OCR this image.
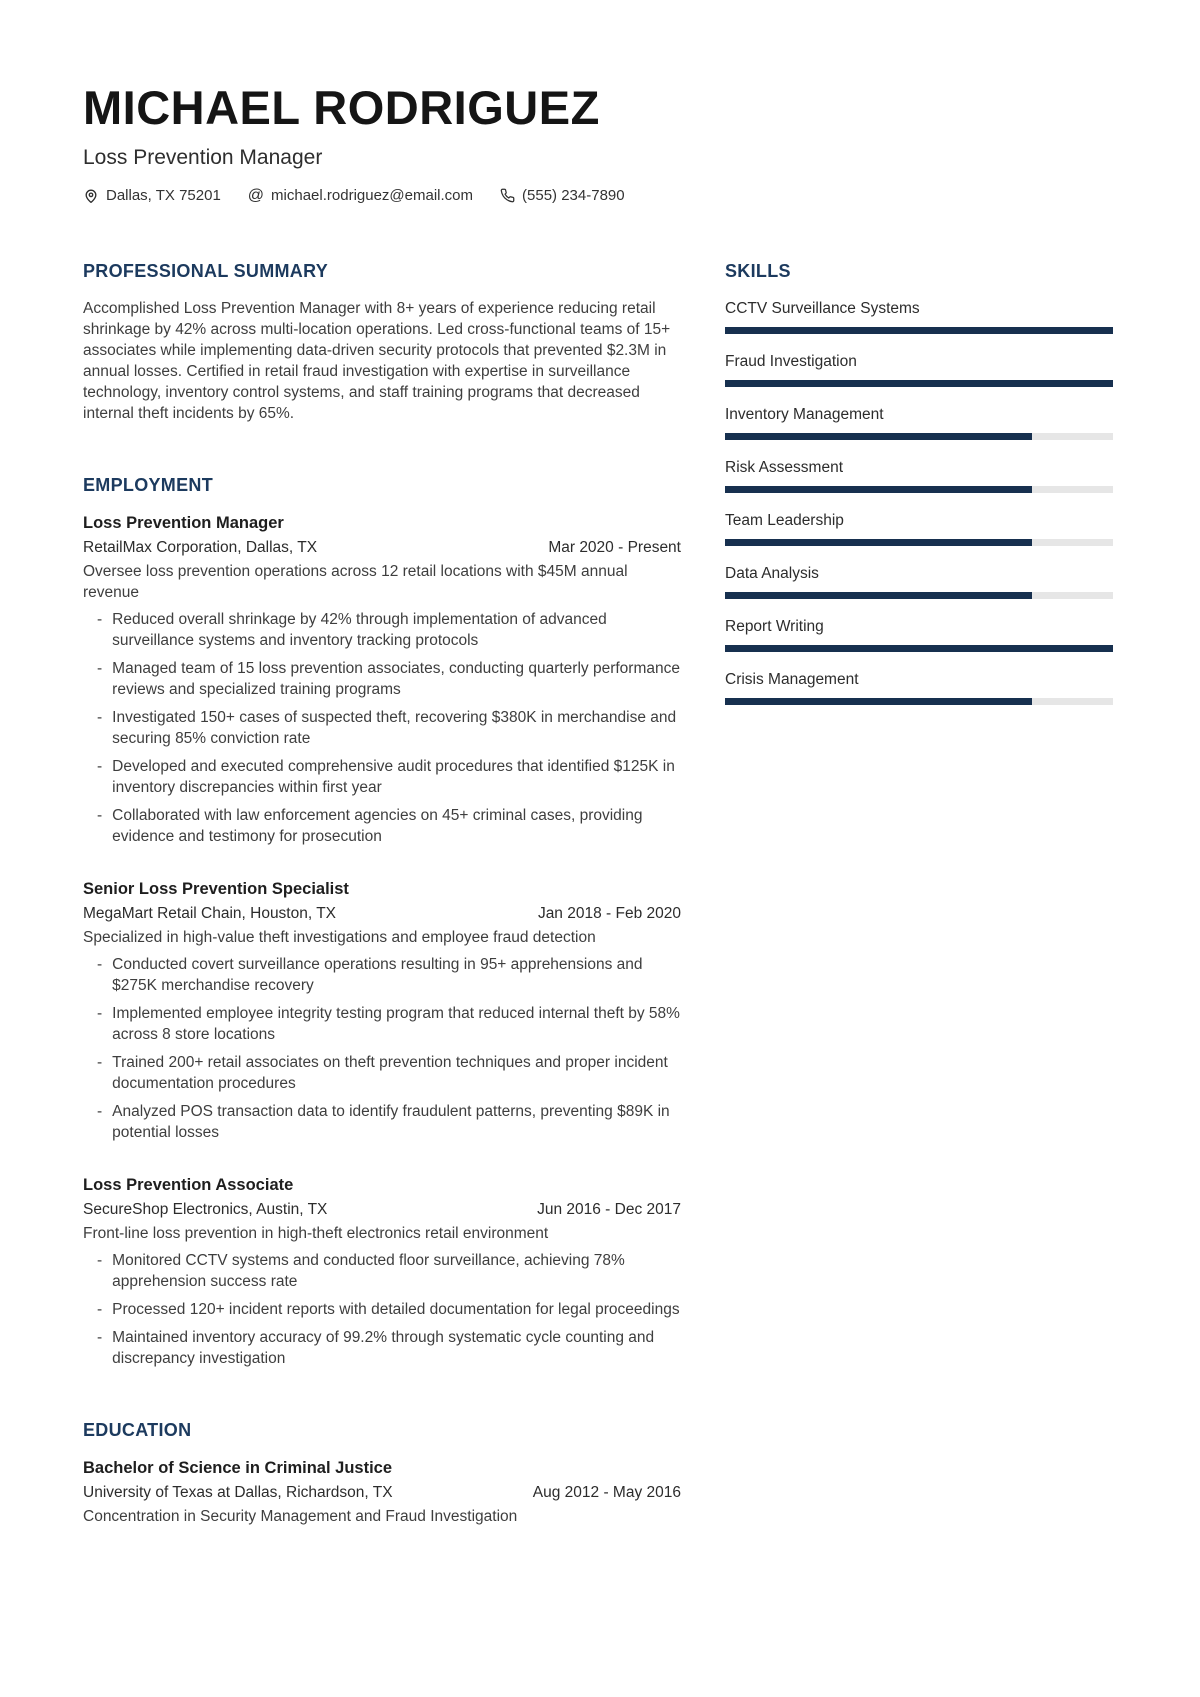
MICHAEL RODRIGUEZ
Loss Prevention Manager
Dallas, TX 75201 @ michael.rodriguez@email.com	(555) 234-7890
PROFESSIONAL SUMMARY

Accomplished Loss Prevention Manager with 8+ years of experience reducing retail shrinkage by 42% across multi-location operations. Led cross-functional teams of 15+ associates while implementing data-driven security protocols that prevented $2.3M in annual losses. Certified in retail fraud investigation with expertise in surveillance technology, inventory control systems, and staff training programs that decreased internal theft incidents by 65%.

EMPLOYMENT
Loss Prevention Manager
RetailMax Corporation, Dallas, TX	Mar 2020 - Present
Oversee loss prevention operations across 12 retail locations with $45M annual revenue
- Reduced overall shrinkage by 42% through implementation of advanced surveillance systems and inventory tracking protocols
- Managed team of 15 loss prevention associates, conducting quarterly performance reviews and specialized training programs
- Investigated 150+ cases of suspected theft, recovering $380K in merchandise and securing 85% conviction rate
- Developed and executed comprehensive audit procedures that identified $125K in inventory discrepancies within first year
- Collaborated with law enforcement agencies on 45+ criminal cases, providing evidence and testimony for prosecution
Senior Loss Prevention Specialist
MegaMart Retail Chain, Houston, TX	Jan 2018 - Feb 2020
Specialized in high-value theft investigations and employee fraud detection
- Conducted covert surveillance operations resulting in 95+ apprehensions and $275K merchandise recovery
- Implemented employee integrity testing program that reduced internal theft by 58% across 8 store locations
- Trained 200+ retail associates on theft prevention techniques and proper incident documentation procedures
- Analyzed POS transaction data to identify fraudulent patterns, preventing $89K in potential losses
Loss Prevention Associate
SecureShop Electronics, Austin, TX	Jun 2016 - Dec 2017
Front-line loss prevention in high-theft electronics retail environment
- Monitored CCTV systems and conducted floor surveillance, achieving 78% apprehension success rate
- Processed 120+ incident reports with detailed documentation for legal proceedings
- Maintained inventory accuracy of 99.2% through systematic cycle counting and discrepancy investigation
EDUCATION
Bachelor of Science in Criminal Justice
University of Texas at Dallas, Richardson, TX	Aug 2012 - May 2016
Concentration in Security Management and Fraud Investigation
SKILLS
CCTV Surveillance Systems
Fraud Investigation
Inventory Management
Risk Assessment
Team Leadership
Data Analysis
Report Writing
Crisis Management
